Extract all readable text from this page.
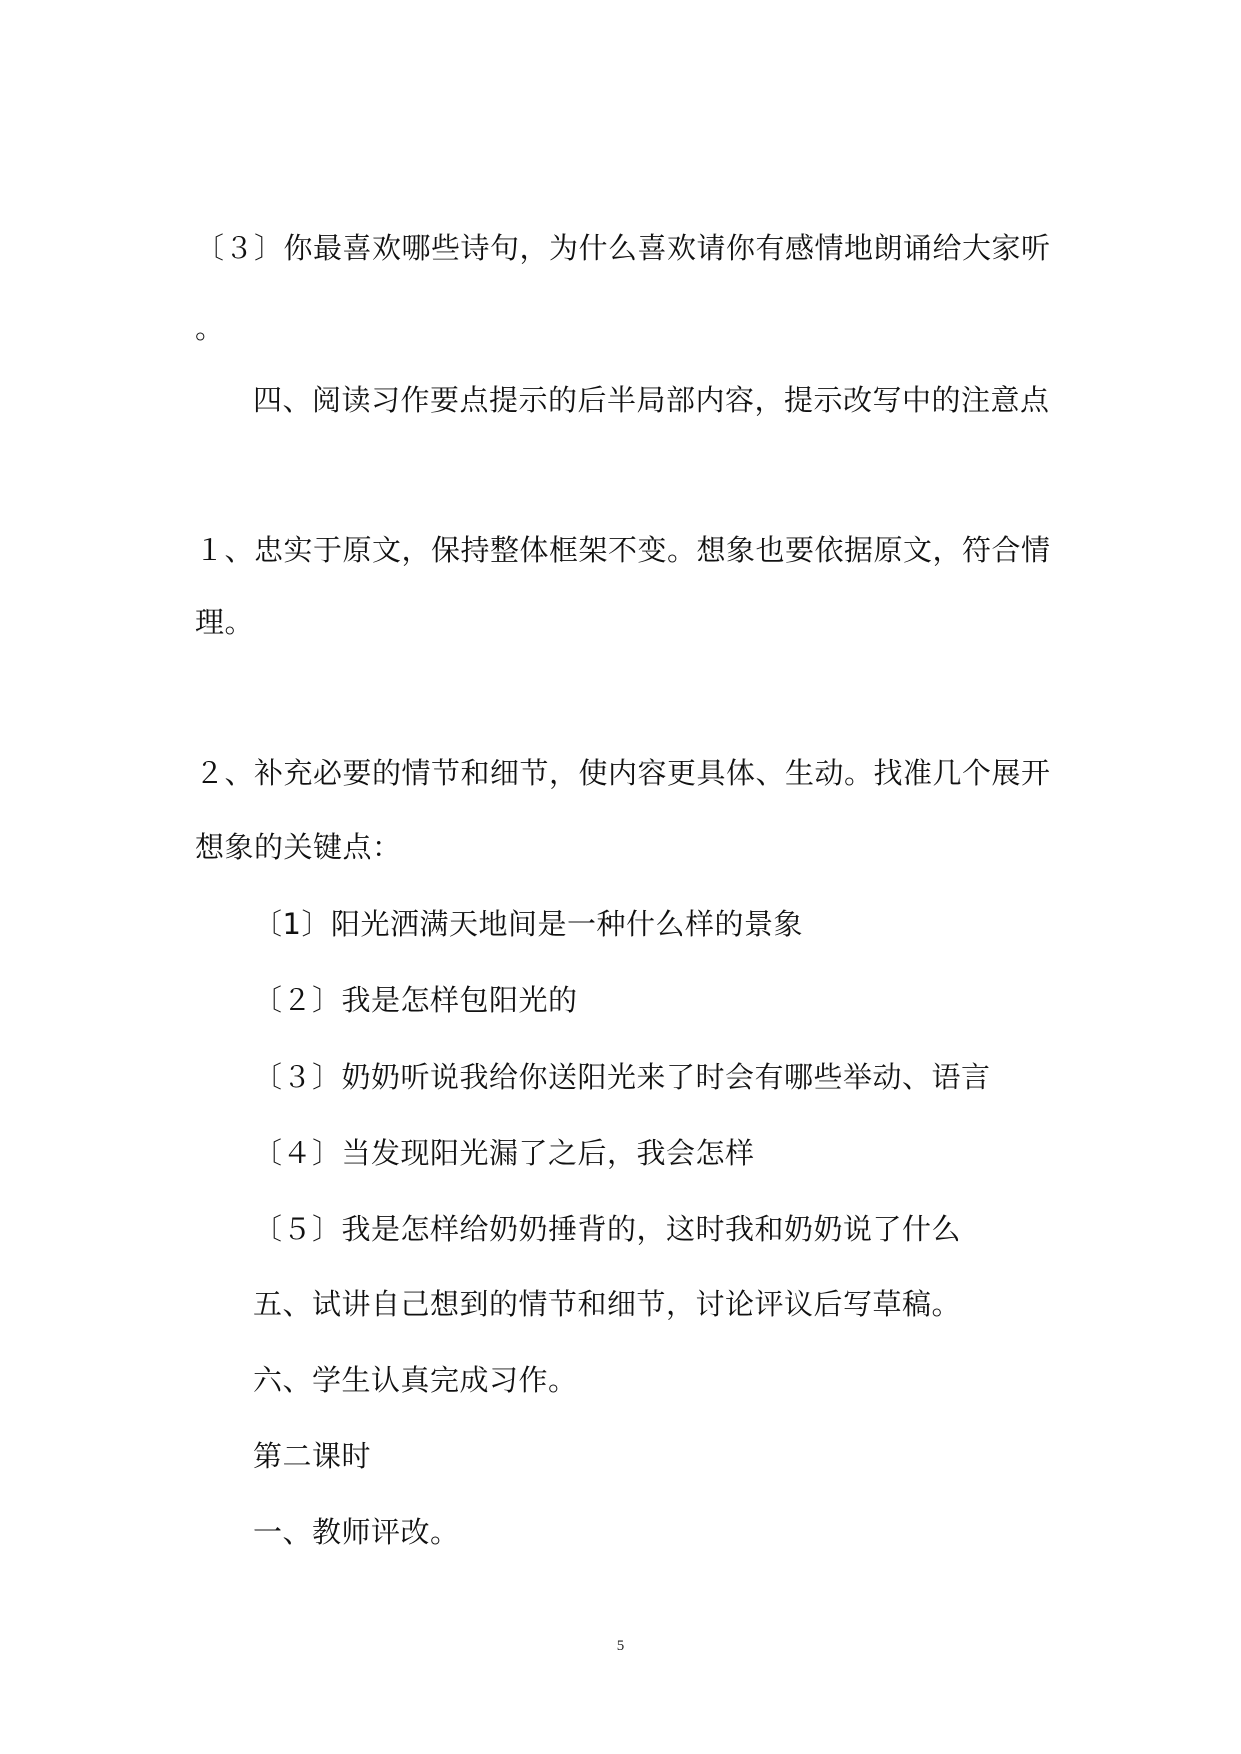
〔３〕你最喜欢哪些诗句，为什么喜欢请你有感情地朗诵给大家听
。
四、阅读习作要点提示的后半局部内容，提示改写中的注意点
１、忠实于原文，保持整体框架不变。想象也要依据原文，符合情
理。
２、补充必要的情节和细节，使内容更具体、生动。找准几个展开
想象的关键点：
〔1〕阳光洒满天地间是一种什么样的景象
〔２〕我是怎样包阳光的
〔３〕奶奶听说我给你送阳光来了时会有哪些举动、语言
〔４〕当发现阳光漏了之后，我会怎样
〔５〕我是怎样给奶奶捶背的，这时我和奶奶说了什么
五、试讲自己想到的情节和细节，讨论评议后写草稿。
六、学生认真完成习作。
第二课时
一、教师评改。
5
